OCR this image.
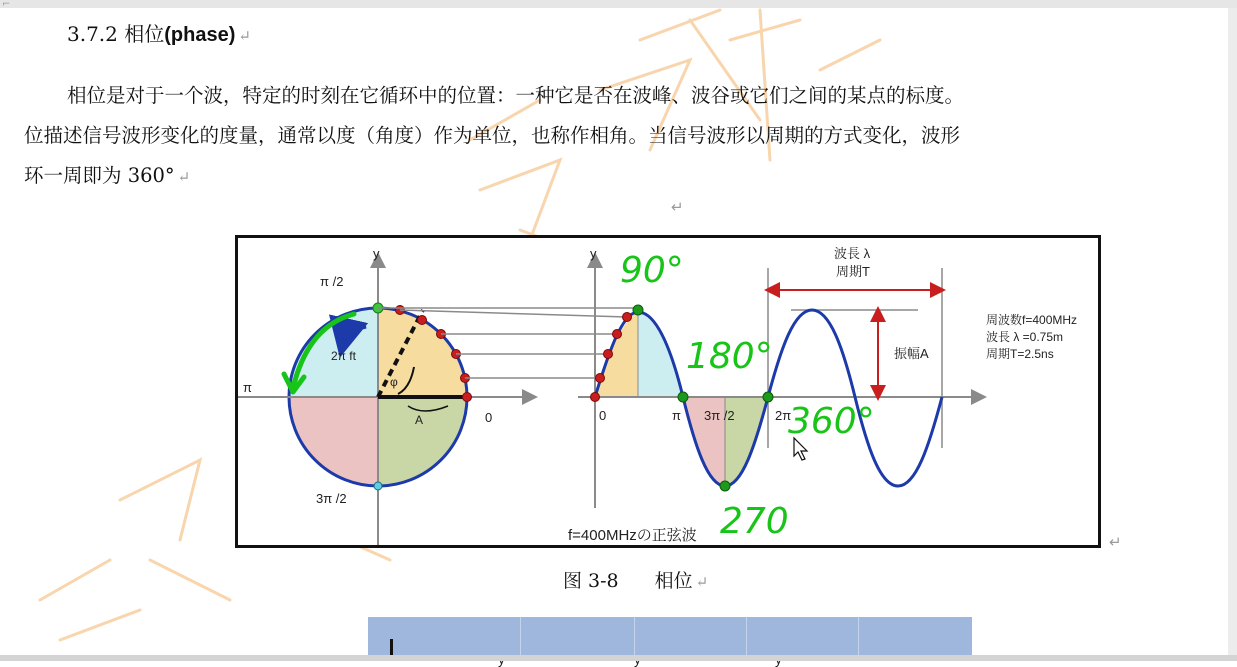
⌐
3.7.2 相位(phase) ↵
相位是对于一个波，特定的时刻在它循环中的位置：一种它是否在波峰、波谷或它们之间的某点的标度。
位描述信号波形变化的度量，通常以度（角度）作为单位，也称作相角。当信号波形以周期的方式变化，波形
环一周即为 360° ↵
↵
y	y
π /2
π
0
3π /2
2π ft
φ
A	0	π 3π /2	2π
波長 λ
周期T
振幅A
周波数f=400MHz
波長 λ =0.75m
周期T=2.5ns
f=400MHzの正弦波
90°
180°
360°
270	↵
图 3-8 相位 ↵
